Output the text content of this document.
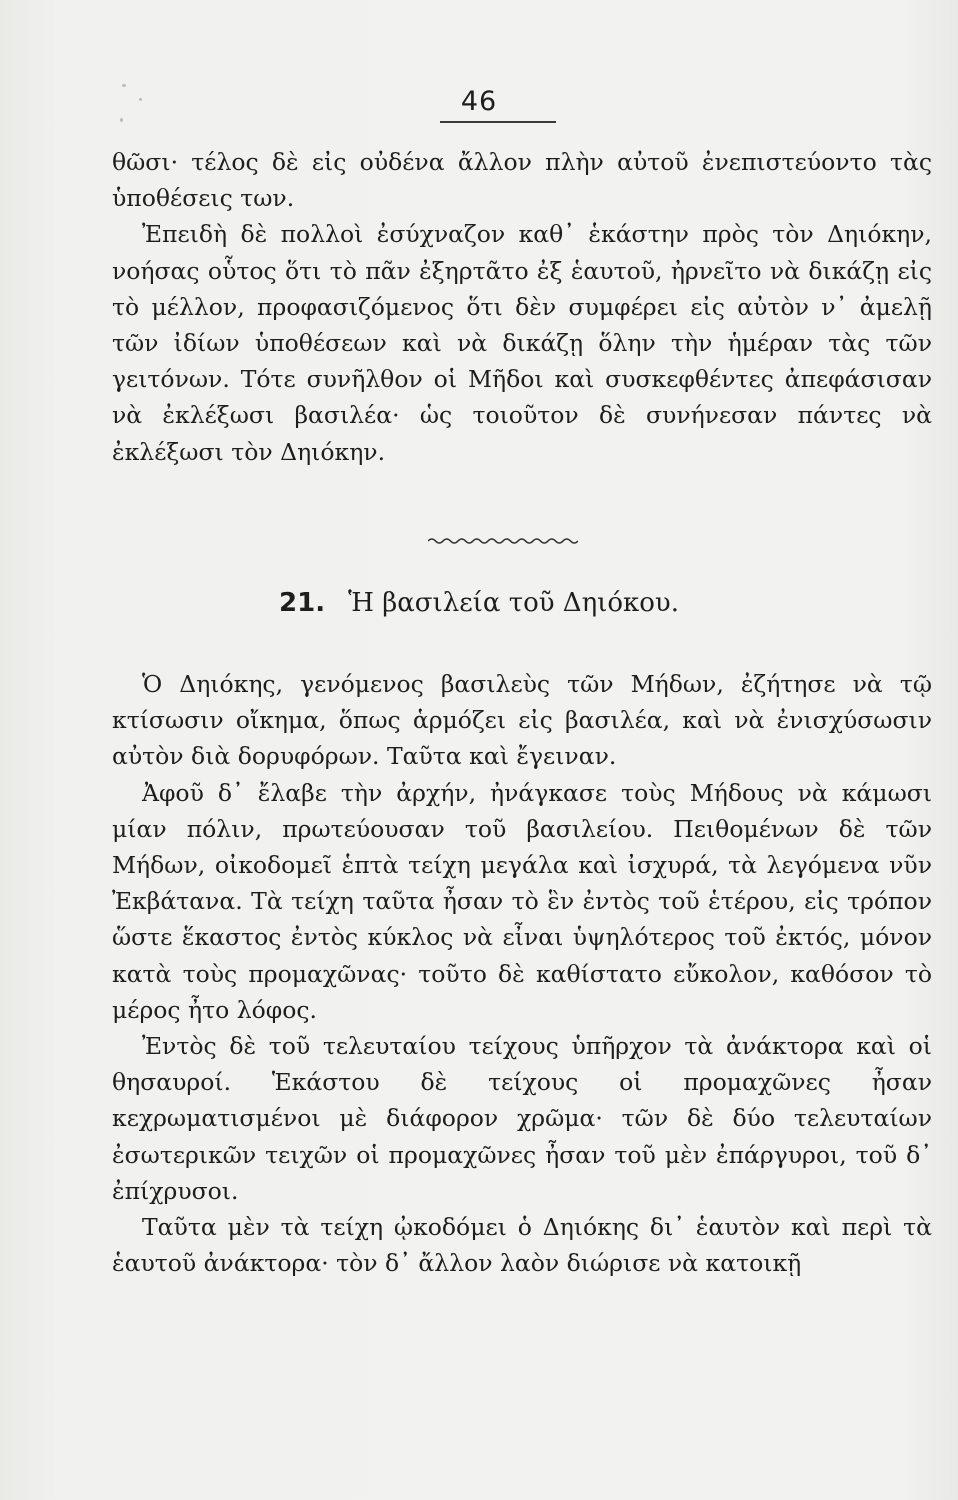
46

θῶσι· τέλος δὲ εἰς οὐδένα ἄλλον πλὴν αὐτοῦ ἐνεπιστεύοντο τὰς ὑποθέσεις των.

Ἐπειδὴ δὲ πολλοὶ ἐσύχναζον καθ᾽ ἑκάστην πρὸς τὸν Δηιόκην, νοήσας οὗτος ὅτι τὸ πᾶν ἐξηρτᾶτο ἐξ ἑαυτοῦ, ἠρνεῖτο νὰ δικάζῃ εἰς τὸ μέλλον, προφασιζόμενος ὅτι δὲν συμφέρει εἰς αὐτὸν ν᾽ ἀμελῇ τῶν ἰδίων ὑποθέσεων καὶ νὰ δικάζῃ ὅλην τὴν ἡμέραν τὰς τῶν γειτόνων. Τότε συνῆλθον οἱ Μῆδοι καὶ συσκεφθέντες ἀπεφάσισαν νὰ ἐκλέξωσι βασιλέα· ὡς τοιοῦτον δὲ συνήνεσαν πάντες νὰ ἐκλέξωσι τὸν Δηιόκην.

21. Ἡ βασιλεία τοῦ Δηιόκου.

Ὁ Δηιόκης, γενόμενος βασιλεὺς τῶν Μήδων, ἐζήτησε νὰ τῷ κτίσωσιν οἴκημα, ὅπως ἁρμόζει εἰς βασιλέα, καὶ νὰ ἐνισχύσωσιν αὐτὸν διὰ δορυφόρων. Ταῦτα καὶ ἔγειναν.

Ἀφοῦ δ᾽ ἔλαβε τὴν ἀρχήν, ἠνάγκασε τοὺς Μήδους νὰ κάμωσι μίαν πόλιν, πρωτεύουσαν τοῦ βασιλείου. Πειθομένων δὲ τῶν Μήδων, οἰκοδομεῖ ἑπτὰ τείχη μεγάλα καὶ ἰσχυρά, τὰ λεγόμενα νῦν Ἐκβάτανα. Τὰ τείχη ταῦτα ἦσαν τὸ ἓν ἐντὸς τοῦ ἑτέρου, εἰς τρόπον ὥστε ἕκαστος ἐντὸς κύκλος νὰ εἶναι ὑψηλότερος τοῦ ἐκτός, μόνον κατὰ τοὺς προμαχῶνας· τοῦτο δὲ καθίστατο εὔκολον, καθόσον τὸ μέρος ἦτο λόφος.

Ἐντὸς δὲ τοῦ τελευταίου τείχους ὑπῆρχον τὰ ἀνάκτορα καὶ οἱ θησαυροί. Ἑκάστου δὲ τείχους οἱ προμαχῶνες ἦσαν κεχρωματισμένοι μὲ διάφορον χρῶμα· τῶν δὲ δύο τελευταίων ἐσωτερικῶν τειχῶν οἱ προμαχῶνες ἦσαν τοῦ μὲν ἐπάργυροι, τοῦ δ᾽ ἐπίχρυσοι.

Ταῦτα μὲν τὰ τείχη ᾠκοδόμει ὁ Δηιόκης δι᾽ ἑαυτὸν καὶ περὶ τὰ ἑαυτοῦ ἀνάκτορα· τὸν δ᾽ ἄλλον λαὸν διώρισε νὰ κατοικῇ
